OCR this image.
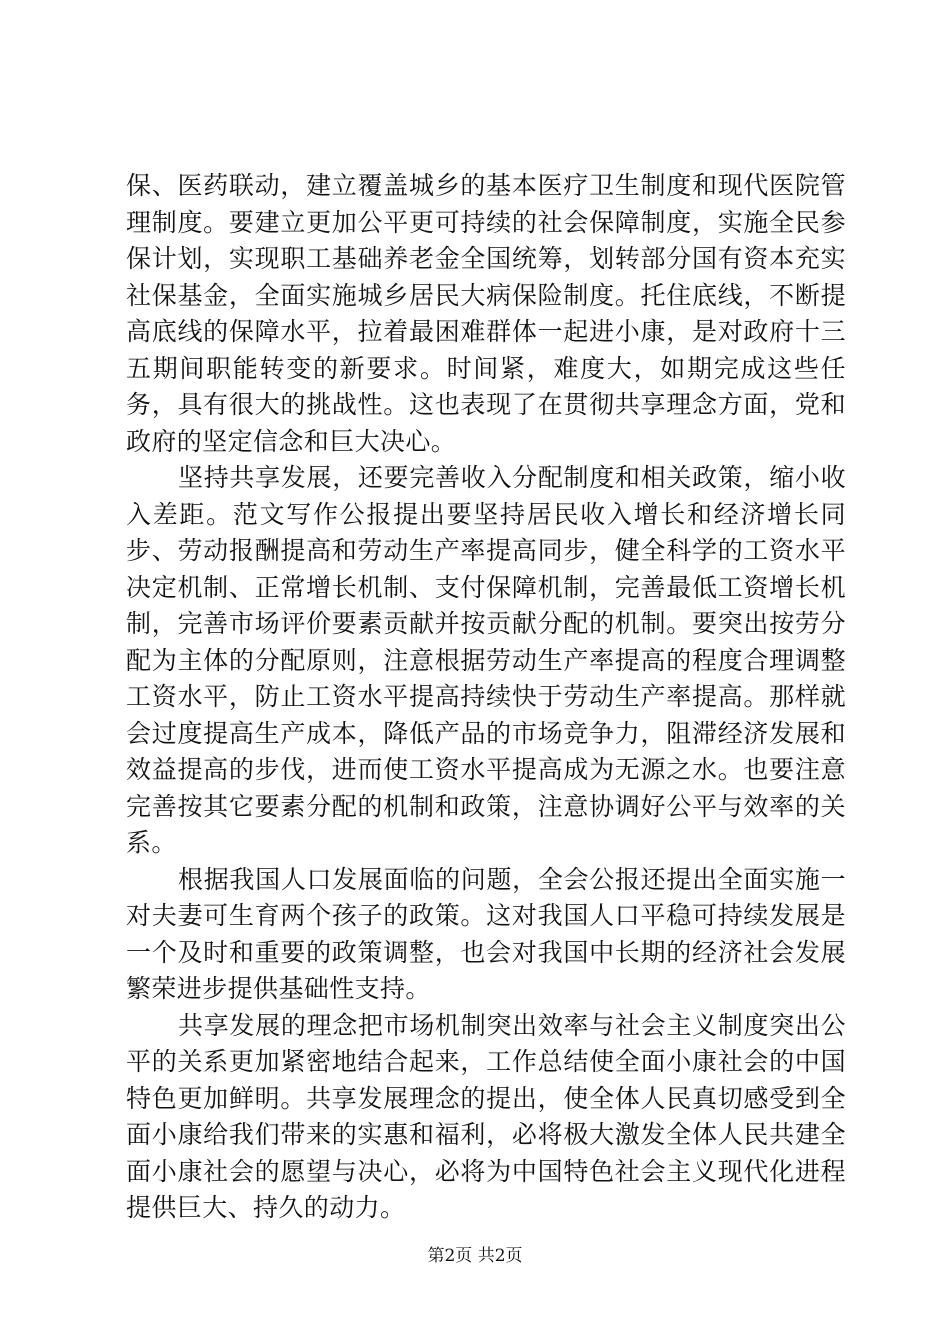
保、医药联动，建立覆盖城乡的基本医疗卫生制度和现代医院管理制度。要建立更加公平更可持续的社会保障制度，实施全民参保计划，实现职工基础养老金全国统筹，划转部分国有资本充实社保基金，全面实施城乡居民大病保险制度。托住底线，不断提高底线的保障水平，拉着最困难群体一起进小康，是对政府十三五期间职能转变的新要求。时间紧，难度大，如期完成这些任务，具有很大的挑战性。这也表现了在贯彻共享理念方面，党和政府的坚定信念和巨大决心。

坚持共享发展，还要完善收入分配制度和相关政策，缩小收入差距。范文写作公报提出要坚持居民收入增长和经济增长同步、劳动报酬提高和劳动生产率提高同步，健全科学的工资水平决定机制、正常增长机制、支付保障机制，完善最低工资增长机制，完善市场评价要素贡献并按贡献分配的机制。要突出按劳分配为主体的分配原则，注意根据劳动生产率提高的程度合理调整工资水平，防止工资水平提高持续快于劳动生产率提高。那样就会过度提高生产成本，降低产品的市场竞争力，阻滞经济发展和效益提高的步伐，进而使工资水平提高成为无源之水。也要注意完善按其它要素分配的机制和政策，注意协调好公平与效率的关系。

根据我国人口发展面临的问题，全会公报还提出全面实施一对夫妻可生育两个孩子的政策。这对我国人口平稳可持续发展是一个及时和重要的政策调整，也会对我国中长期的经济社会发展繁荣进步提供基础性支持。

共享发展的理念把市场机制突出效率与社会主义制度突出公平的关系更加紧密地结合起来，工作总结使全面小康社会的中国特色更加鲜明。共享发展理念的提出，使全体人民真切感受到全面小康给我们带来的实惠和福利，必将极大激发全体人民共建全面小康社会的愿望与决心，必将为中国特色社会主义现代化进程提供巨大、持久的动力。

第2页 共2页
